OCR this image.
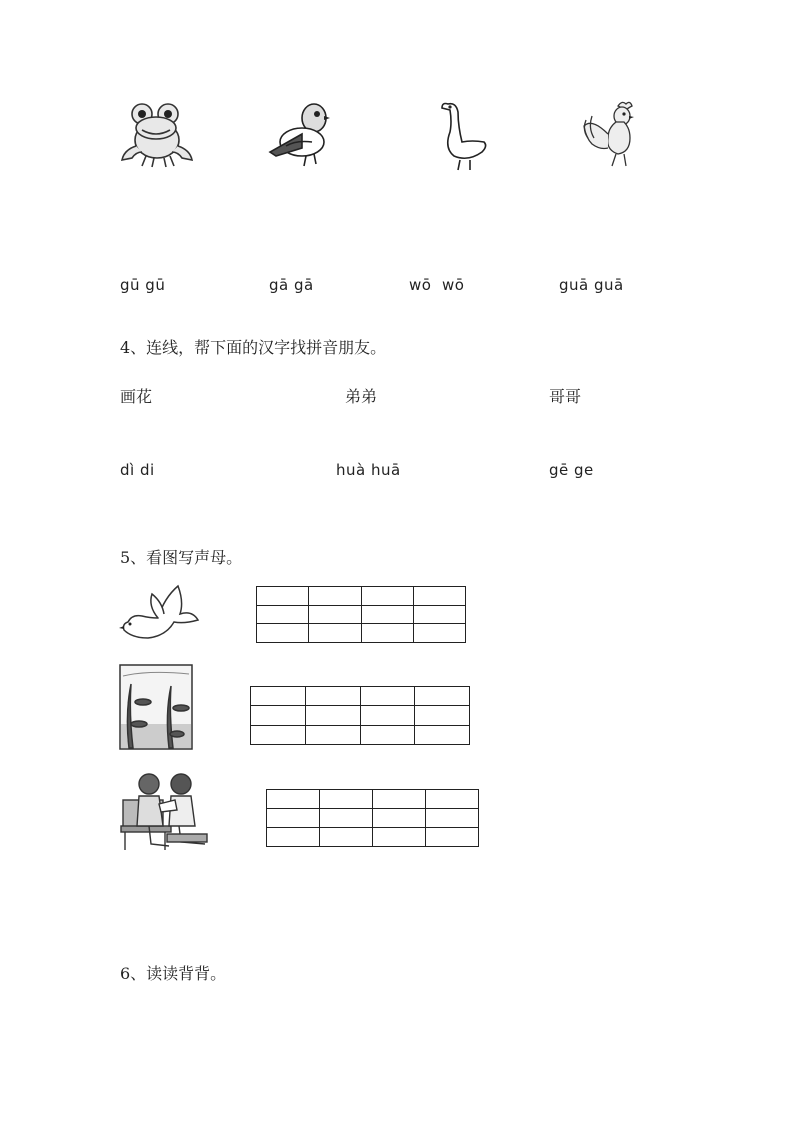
gū gū	gā gā	wō  wō	guā guā
4、连线，帮下面的汉字找拼音朋友。
画花	弟弟	哥哥
dì di	huà huā	gē ge
5、看图写声母。

6、读读背背。
